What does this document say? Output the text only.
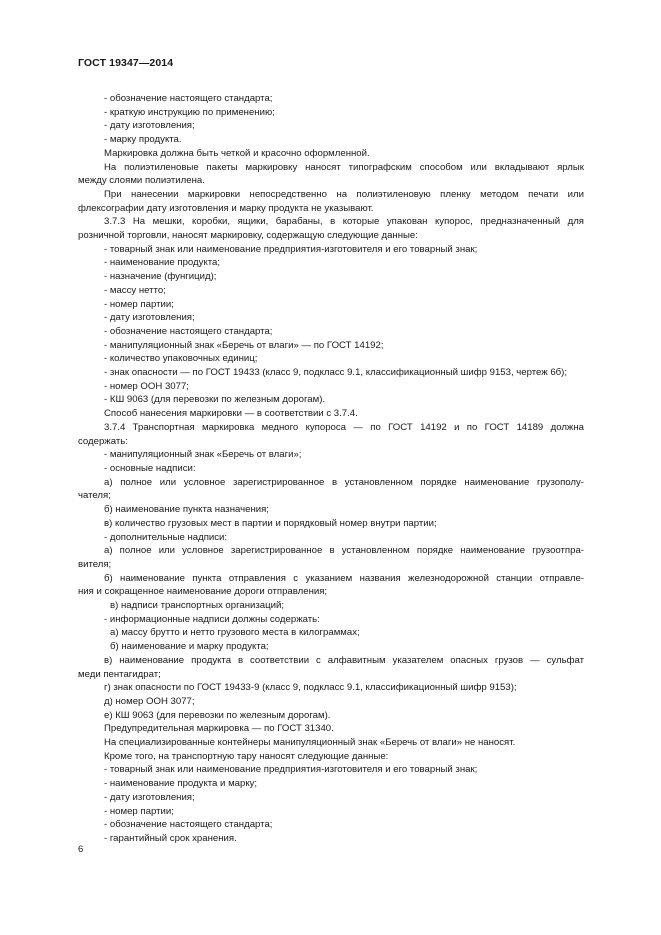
ГОСТ 19347—2014
- обозначение настоящего стандарта;
- краткую инструкцию по применению;
- дату изготовления;
- марку продукта.
Маркировка должна быть четкой и красочно оформленной.
На полиэтиленовые пакеты маркировку наносят типографским способом или вкладывают ярлык
между слоями полиэтилена.
При нанесении маркировки непосредственно на полиэтиленовую пленку методом печати или
флексографии дату изготовления и марку продукта не указывают.
3.7.3 На мешки, коробки, ящики, барабаны, в которые упакован купорос, предназначенный для
розничной торговли, наносят маркировку, содержащую следующие данные:
- товарный знак или наименование предприятия-изготовителя и его товарный знак;
- наименование продукта;
- назначение (фунгицид);
- массу нетто;
- номер партии;
- дату изготовления;
- обозначение настоящего стандарта;
- манипуляционный знак «Беречь от влаги» — по ГОСТ 14192;
- количество упаковочных единиц;
- знак опасности — по ГОСТ 19433 (класс 9, подкласс 9.1, классификационный шифр 9153, чертеж 6б);
- номер ООН 3077;
- КШ 9063 (для перевозки по железным дорогам).
Способ нанесения маркировки — в соответствии с 3.7.4.
3.7.4 Транспортная маркировка медного купороса — по ГОСТ 14192 и по ГОСТ 14189 должна
содержать:
- манипуляционный знак «Беречь от влаги»;
- основные надписи:
а) полное или условное зарегистрированное в установленном порядке наименование грузополу-
чателя;
б) наименование пункта назначения;
в) количество грузовых мест в партии и порядковый номер внутри партии;
- дополнительные надписи:
а) полное или условное зарегистрированное в установленном порядке наименование грузоотпра-
вителя;
б) наименование пункта отправления с указанием названия железнодорожной станции отправле-
ния и сокращенное наименование дороги отправления;
в) надписи транспортных организаций;
- информационные надписи должны содержать:
а) массу брутто и нетто грузового места в килограммах;
б) наименование и марку продукта;
в) наименование продукта в соответствии с алфавитным указателем опасных грузов — сульфат
меди пентагидрат;
г) знак опасности по ГОСТ 19433-9 (класс 9, подкласс 9.1, классификационный шифр 9153);
д) номер ООН 3077;
е) КШ 9063 (для перевозки по железным дорогам).
Предупредительная маркировка — по ГОСТ 31340.
На специализированные контейнеры манипуляционный знак «Беречь от влаги» не наносят.
Кроме того, на транспортную тару наносят следующие данные:
- товарный знак или наименование предприятия-изготовителя и его товарный знак;
- наименование продукта и марку;
- дату изготовления;
- номер партии;
- обозначение настоящего стандарта;
- гарантийный срок хранения.
6
